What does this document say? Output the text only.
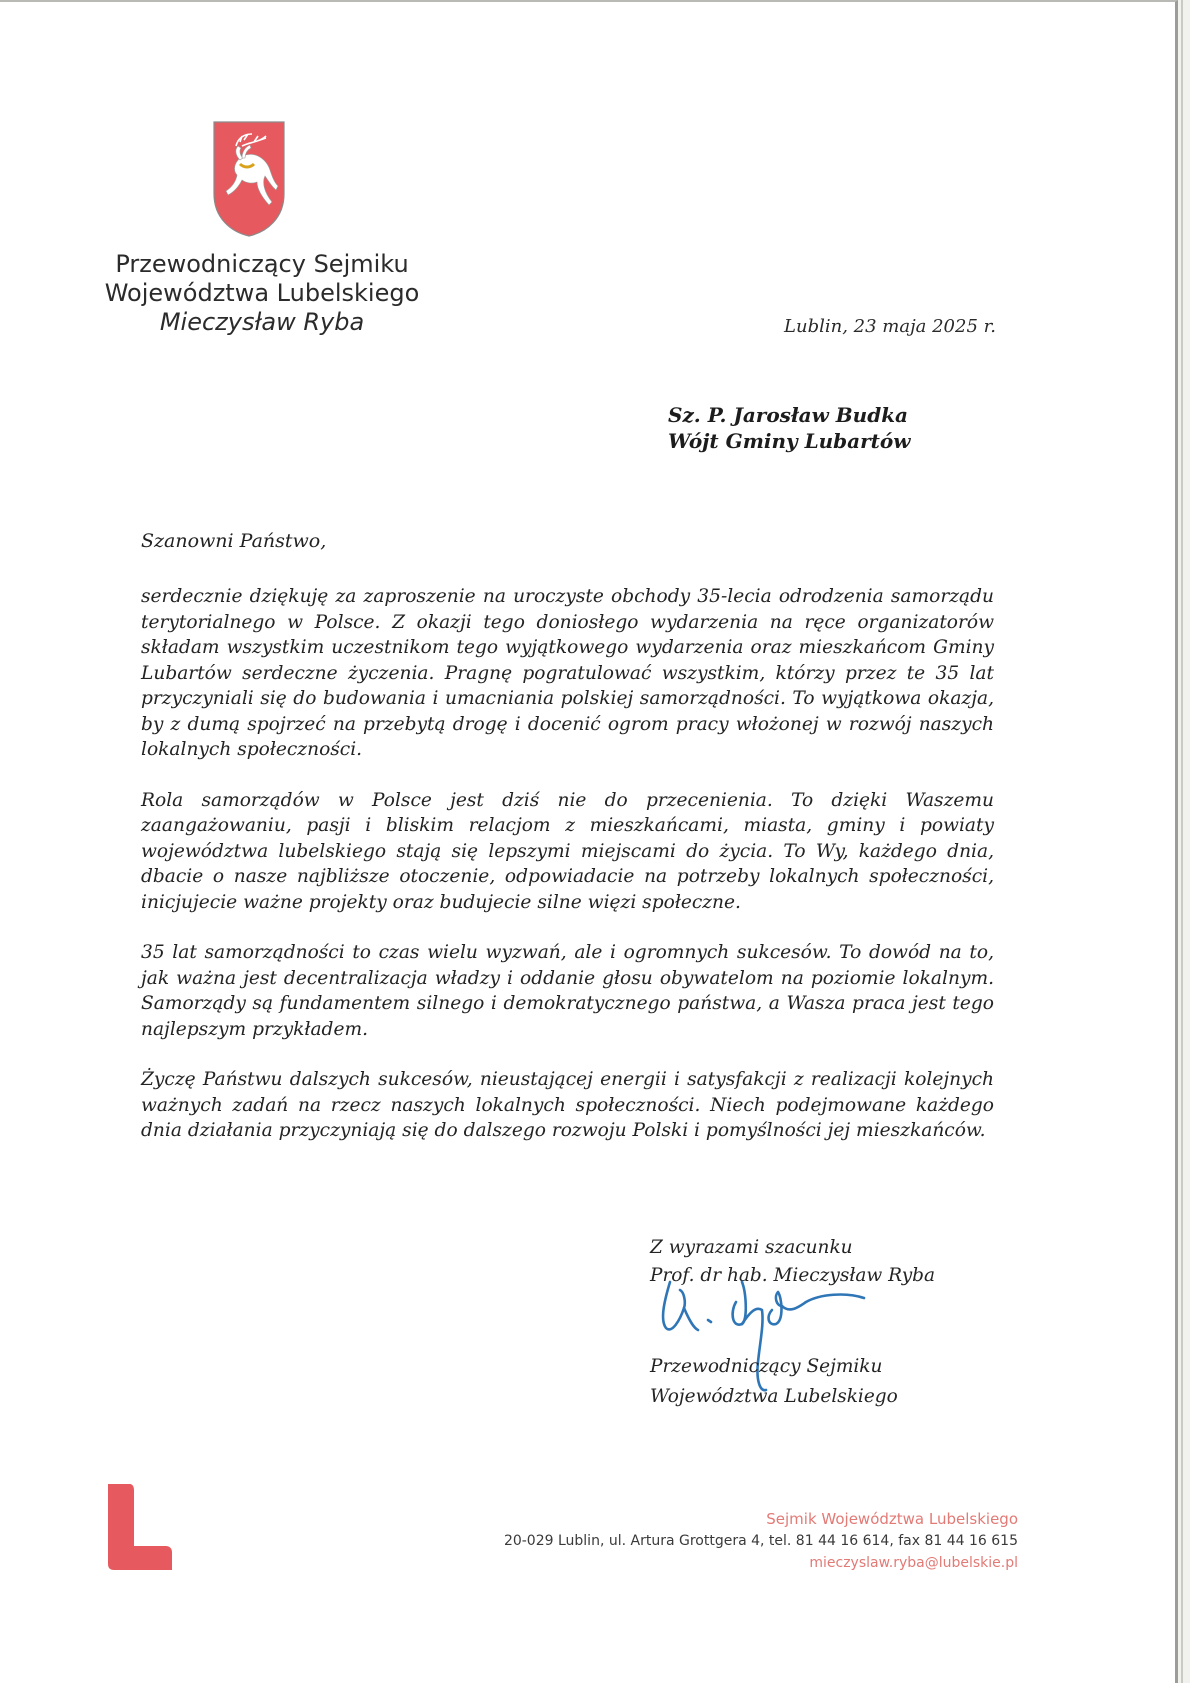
Przewodniczący Sejmiku
Województwa Lubelskiego
Mieczysław Ryba	Lublin, 23 maja 2025 r.
Sz. P. Jarosław Budka
Wójt Gminy Lubartów
Szanowni Państwo,

serdecznie dziękuję za zaproszenie na uroczyste obchody 35-lecia odrodzenia samorządu terytorialnego w Polsce. Z okazji tego doniosłego wydarzenia na ręce organizatorów składam wszystkim uczestnikom tego wyjątkowego wydarzenia oraz mieszkańcom Gminy Lubartów serdeczne życzenia. Pragnę pogratulować wszystkim, którzy przez te 35 lat przyczyniali się do budowania i umacniania polskiej samorządności. To wyjątkowa okazja, by z dumą spojrzeć na przebytą drogę i docenić ogrom pracy włożonej w rozwój naszych lokalnych społeczności.

Rola samorządów w Polsce jest dziś nie do przecenienia. To dzięki Waszemu zaangażowaniu, pasji i bliskim relacjom z mieszkańcami, miasta, gminy i powiaty województwa lubelskiego stają się lepszymi miejscami do życia. To Wy, każdego dnia, dbacie o nasze najbliższe otoczenie, odpowiadacie na potrzeby lokalnych społeczności, inicjujecie ważne projekty oraz budujecie silne więzi społeczne.

35 lat samorządności to czas wielu wyzwań, ale i ogromnych sukcesów. To dowód na to, jak ważna jest decentralizacja władzy i oddanie głosu obywatelom na poziomie lokalnym. Samorządy są fundamentem silnego i demokratycznego państwa, a Wasza praca jest tego najlepszym przykładem.

Życzę Państwu dalszych sukcesów, nieustającej energii i satysfakcji z realizacji kolejnych ważnych zadań na rzecz naszych lokalnych społeczności. Niech podejmowane każdego dnia działania przyczyniają się do dalszego rozwoju Polski i pomyślności jej mieszkańców.

Z wyrazami szacunku
Prof. dr hab. Mieczysław Ryba
Przewodniczący Sejmiku
Województwa Lubelskiego
Sejmik Województwa Lubelskiego
20-029 Lublin, ul. Artura Grottgera 4, tel. 81 44 16 614, fax 81 44 16 615
mieczyslaw.ryba@lubelskie.pl
